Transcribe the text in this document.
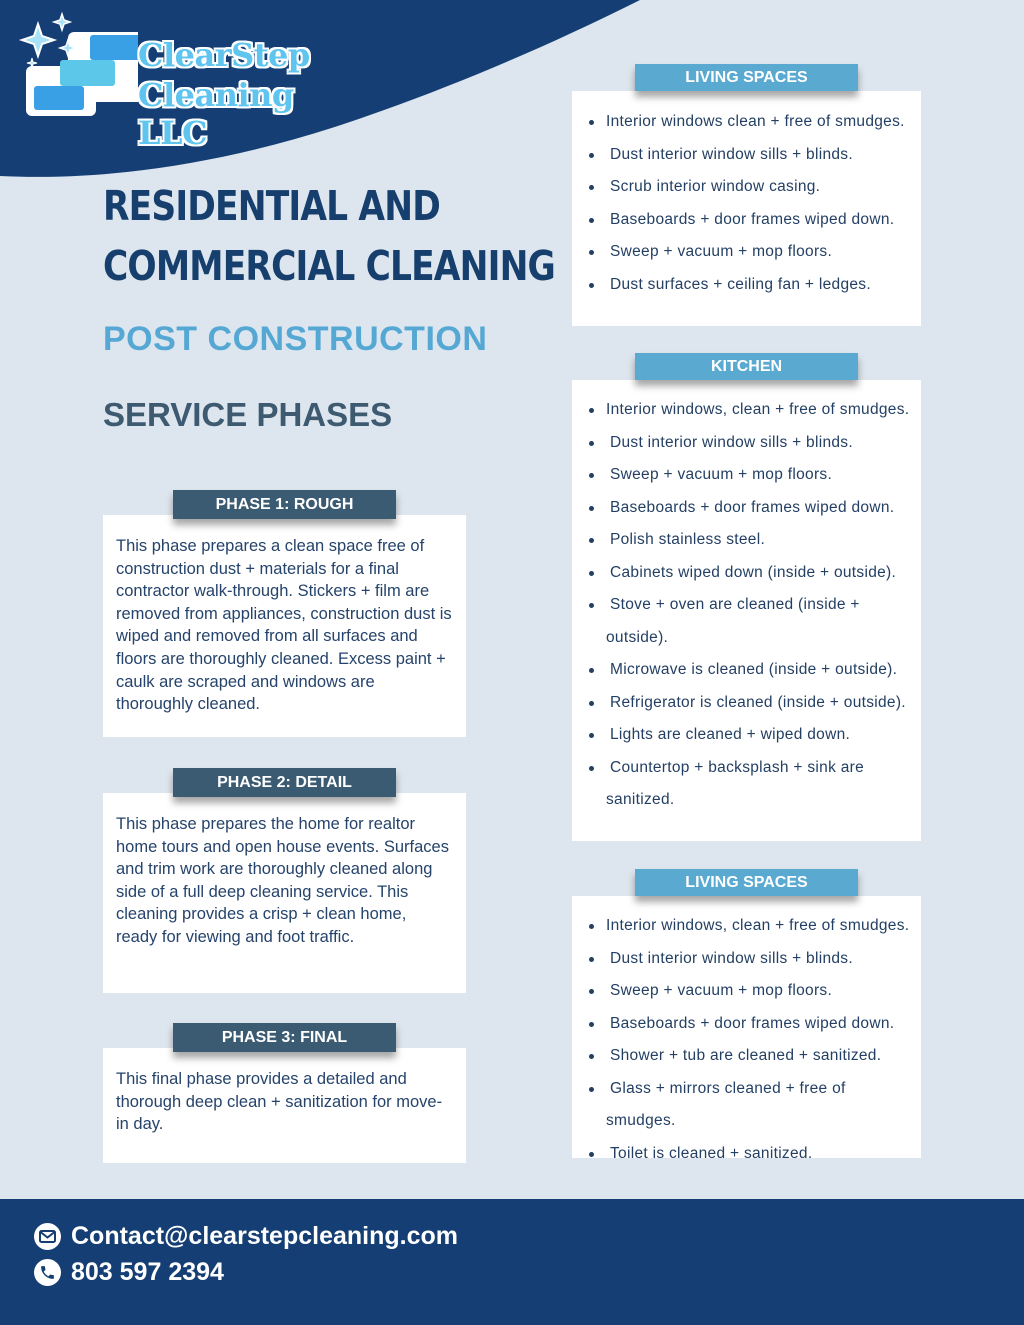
ClearStep
Cleaning LLC
RESIDENTIAL AND
COMMERCIAL CLEANING
POST CONSTRUCTION
SERVICE PHASES

This phase prepares a clean space free of construction dust + materials for a final contractor walk-through. Stickers + film are removed from appliances, construction dust is wiped and removed from all surfaces and floors are thoroughly cleaned. Excess paint + caulk are scraped and windows are thoroughly cleaned.

PHASE 1: ROUGH

This phase prepares the home for realtor home tours and open house events. Surfaces and trim work are thoroughly cleaned along side of a full deep cleaning service. This cleaning provides a crisp + clean home, ready for viewing and foot traffic.

PHASE 2: DETAIL

This final phase provides a detailed and thorough deep clean + sanitization for move-in day.

PHASE 3: FINAL
Interior windows clean + free of smudges.
Dust interior window sills + blinds.
Scrub interior window casing.
Baseboards + door frames wiped down.
Sweep + vacuum + mop floors.
Dust surfaces + ceiling fan + ledges.
LIVING SPACES
Interior windows, clean + free of smudges.
Dust interior window sills + blinds.
Sweep + vacuum + mop floors.
Baseboards + door frames wiped down.
Polish stainless steel.
Cabinets wiped down (inside + outside).
Stove + oven are cleaned (inside + outside).
Microwave is cleaned (inside + outside).
Refrigerator is cleaned (inside + outside).
Lights are cleaned + wiped down.
Countertop + backsplash + sink are sanitized.
KITCHEN
Interior windows, clean + free of smudges.
Dust interior window sills + blinds.
Sweep + vacuum + mop floors.
Baseboards + door frames wiped down.
Shower + tub are cleaned + sanitized.
Glass + mirrors cleaned + free of smudges.
Toilet is cleaned + sanitized.
LIVING SPACES
Contact@clearstepcleaning.com
803 597 2394
